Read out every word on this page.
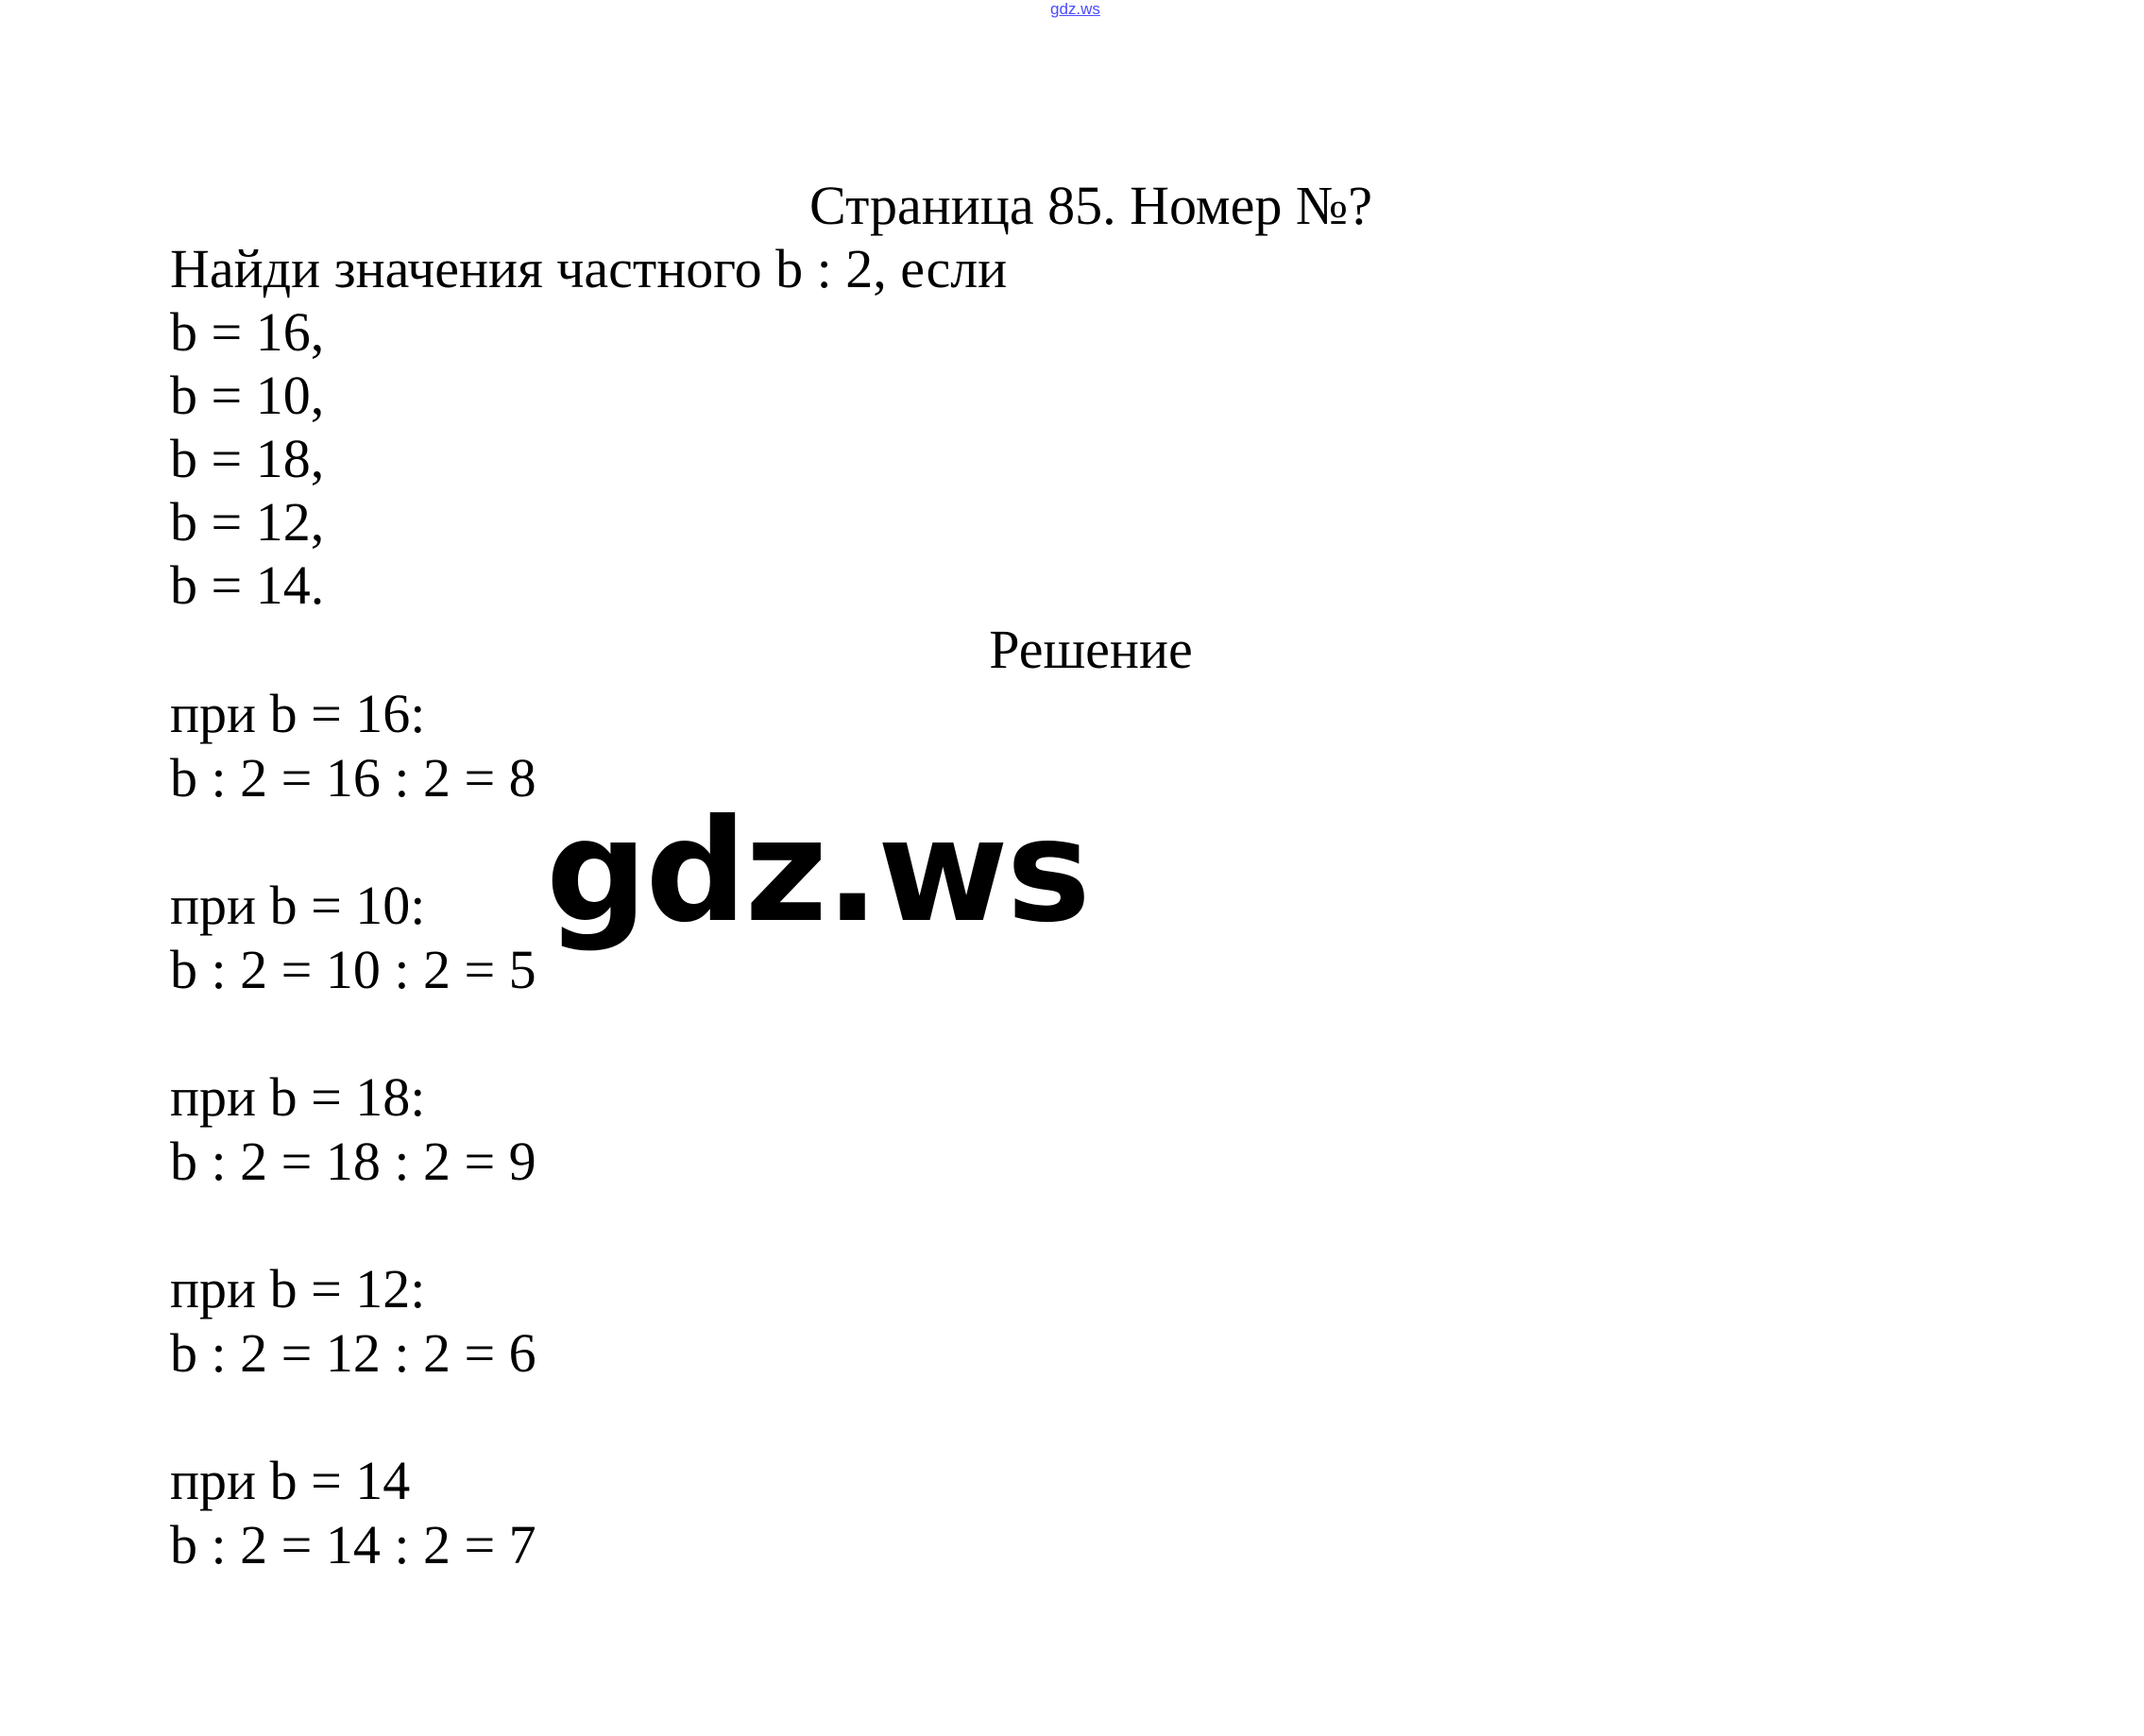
gdz.ws
Страница 85. Номер №?
Найди значения частного b : 2, если
b = 16,
b = 10,
b = 18,
b = 12,
b = 14.
Решение
при b = 16:
b : 2 = 16 : 2 = 8
при b = 10:
b : 2 = 10 : 2 = 5
при b = 18:
b : 2 = 18 : 2 = 9
при b = 12:
b : 2 = 12 : 2 = 6
при b = 14
b : 2 = 14 : 2 = 7
gdz.ws
